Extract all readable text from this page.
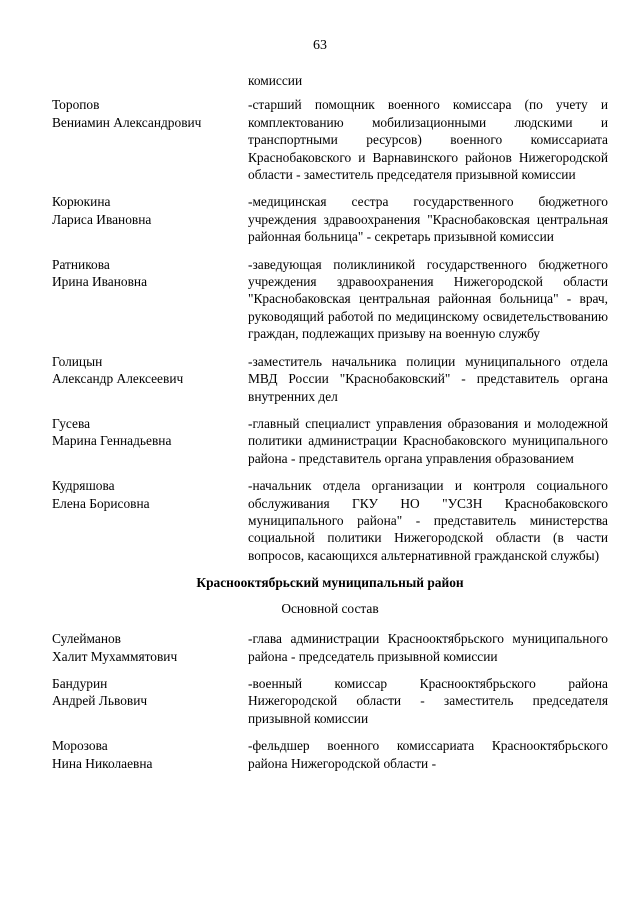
63
комиссии
Торопов
Вениамин Александрович
-старший помощник военного комиссара (по учету и комплектованию мобилизационными людскими и транспортными ресурсов) военного комиссариата Краснобаковского и Варнавинского районов Нижегородской области - заместитель председателя призывной комиссии
Корюкина
Лариса Ивановна
-медицинская сестра государственного бюджетного учреждения здравоохранения "Краснобаковская центральная районная больница" - секретарь призывной комиссии
Ратникова
Ирина Ивановна
-заведующая поликлиникой государственного бюджетного учреждения здравоохранения Нижегородской области "Краснобаковская центральная районная больница" - врач, руководящий работой по медицинскому освидетельствованию граждан, подлежащих призыву на военную службу
Голицын
Александр Алексеевич
-заместитель начальника полиции муниципального отдела МВД России "Краснобаковский" - представитель органа внутренних дел
Гусева
Марина Геннадьевна
-главный специалист управления образования и молодежной политики администрации Краснобаковского муниципального района - представитель органа управления образованием
Кудряшова
Елена Борисовна
-начальник отдела организации и контроля социального обслуживания ГКУ НО "УСЗН Краснобаковского муниципального района" - представитель министерства социальной политики Нижегородской области (в части вопросов, касающихся альтернативной гражданской службы)
Краснооктябрьский муниципальный район
Основной состав
Сулейманов
Халит Мухаммятович
-глава администрации Краснооктябрьского муниципального района - председатель призывной комиссии
Бандурин
Андрей Львович
-военный комиссар Краснооктябрьского района Нижегородской области - заместитель председателя призывной комиссии
Морозова
Нина Николаевна
-фельдшер военного комиссариата Краснооктябрьского района Нижегородской области -
